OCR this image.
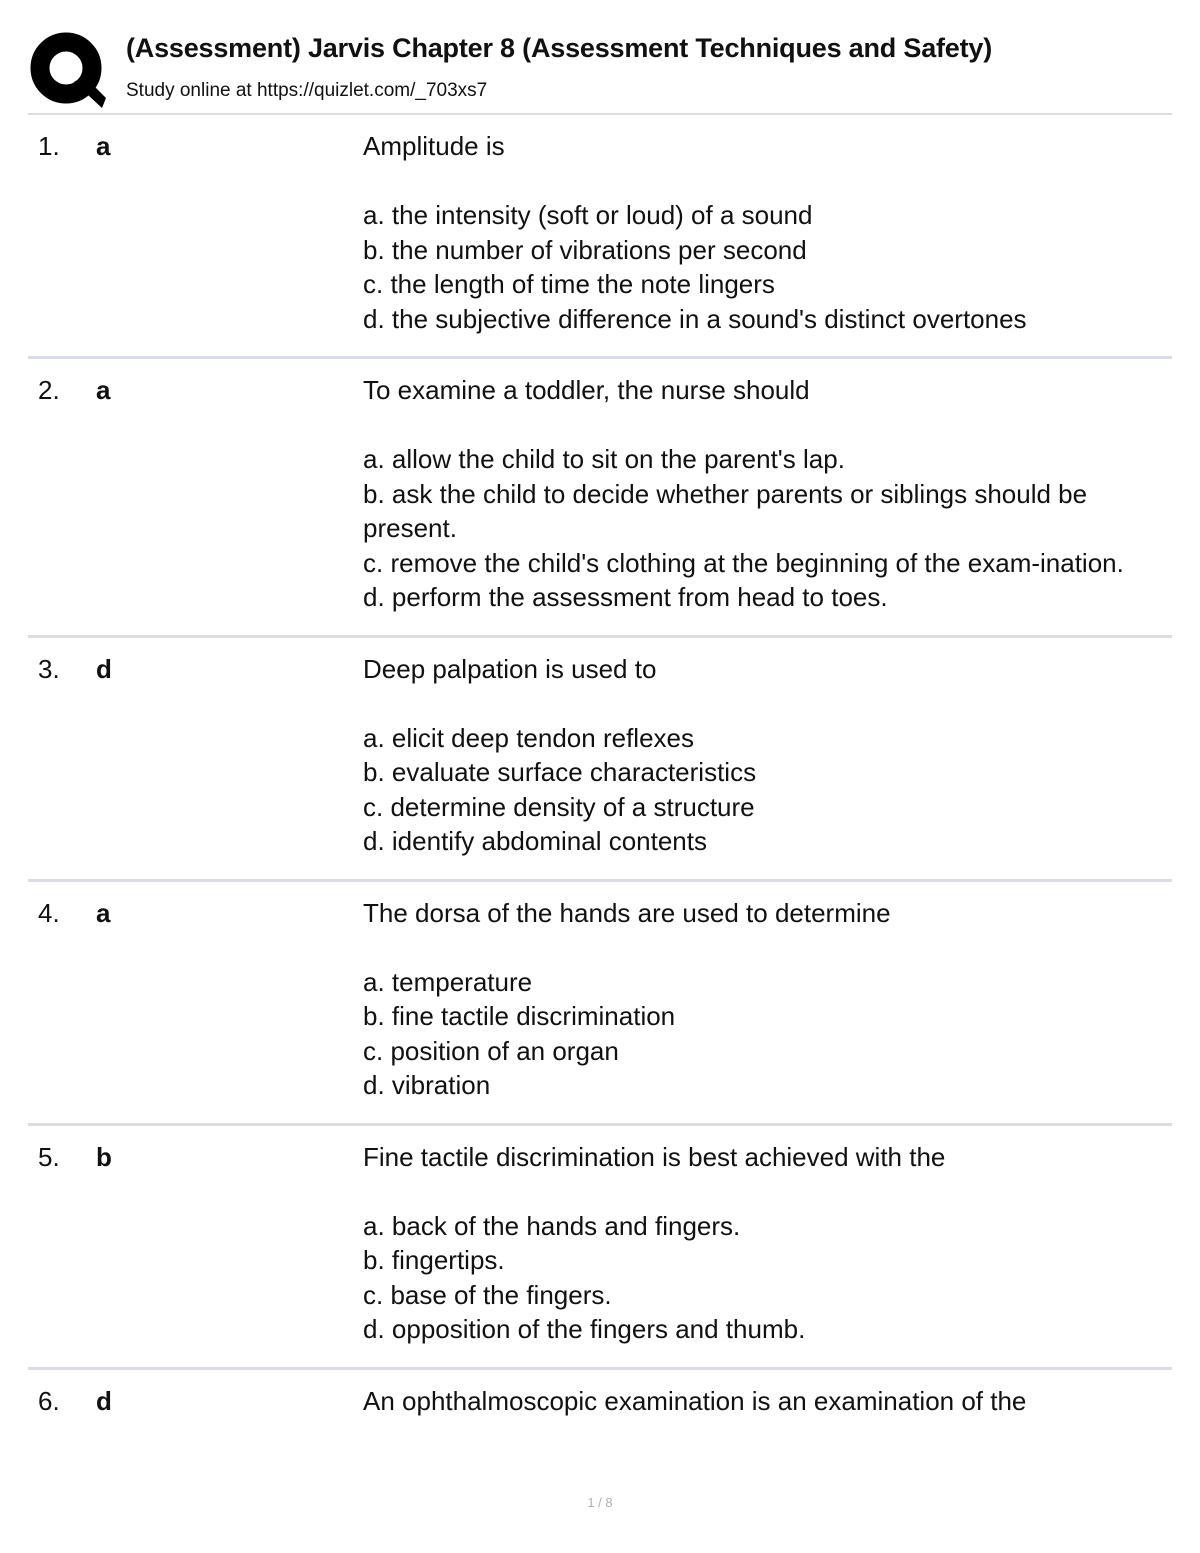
(Assessment) Jarvis Chapter 8 (Assessment Techniques and Safety)
Study online at https://quizlet.com/_703xs7
1. a	Amplitude is
a. the intensity (soft or loud) of a sound
b. the number of vibrations per second
c. the length of time the note lingers
d. the subjective difference in a sound's distinct overtones
2. a	To examine a toddler, the nurse should
a. allow the child to sit on the parent's lap.
b. ask the child to decide whether parents or siblings should be present.
c. remove the child's clothing at the beginning of the exam-ination.
d. perform the assessment from head to toes.
3. d	Deep palpation is used to
a. elicit deep tendon reflexes
b. evaluate surface characteristics
c. determine density of a structure
d. identify abdominal contents
4. a	The dorsa of the hands are used to determine
a. temperature
b. fine tactile discrimination
c. position of an organ
d. vibration
5. b	Fine tactile discrimination is best achieved with the
a. back of the hands and fingers.
b. fingertips.
c. base of the fingers.
d. opposition of the fingers and thumb.
6. d	An ophthalmoscopic examination is an examination of the
1 / 8
